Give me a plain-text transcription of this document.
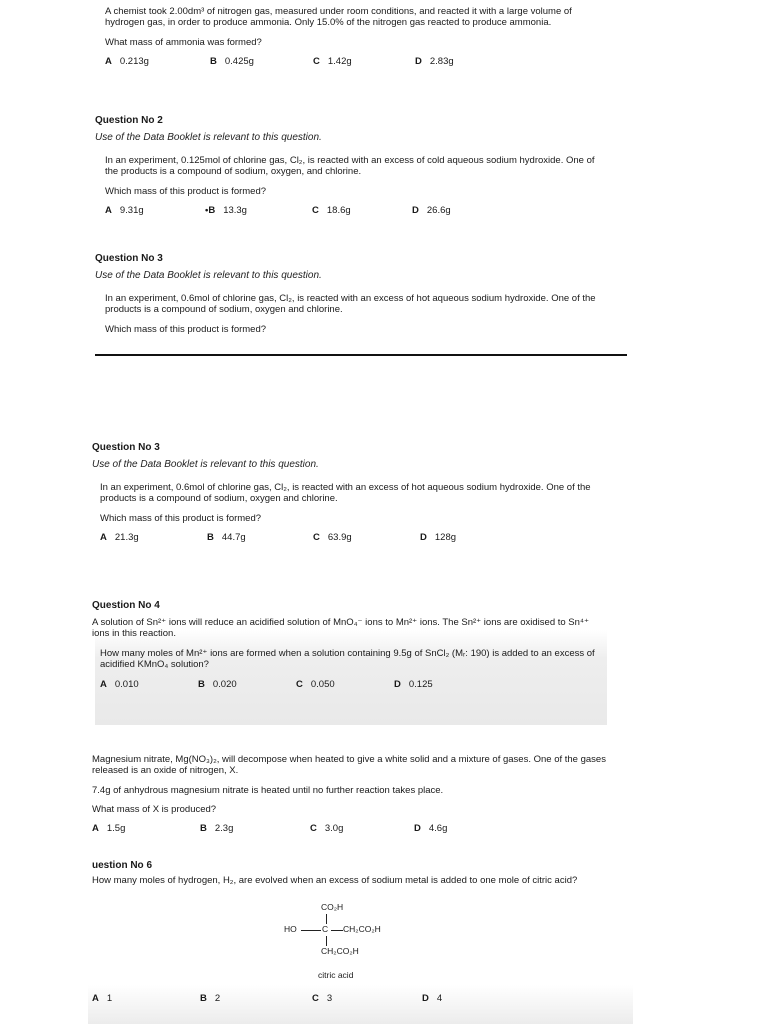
A chemist took 2.00dm³ of nitrogen gas, measured under room conditions, and reacted it with a large volume of hydrogen gas, in order to produce ammonia. Only 15.0% of the nitrogen gas reacted to produce ammonia.

What mass of ammonia was formed?

A 0.213g	B 0.425g	C 1.42g	D 2.83g

Question No 2

Use of the Data Booklet is relevant to this question.

In an experiment, 0.125mol of chlorine gas, Cl₂, is reacted with an excess of cold aqueous sodium hydroxide. One of the products is a compound of sodium, oxygen, and chlorine.

Which mass of this product is formed?

A 9.31g	•B 13.3g	C 18.6g	D 26.6g

Question No 3

Use of the Data Booklet is relevant to this question.

In an experiment, 0.6mol of chlorine gas, Cl₂, is reacted with an excess of hot aqueous sodium hydroxide. One of the products is a compound of sodium, oxygen and chlorine.

Which mass of this product is formed?

Question No 3

Use of the Data Booklet is relevant to this question.

In an experiment, 0.6mol of chlorine gas, Cl₂, is reacted with an excess of hot aqueous sodium hydroxide. One of the products is a compound of sodium, oxygen and chlorine.

Which mass of this product is formed?

A 21.3g	B 44.7g	C 63.9g	D 128g

Question No 4

A solution of Sn²⁺ ions will reduce an acidified solution of MnO₄⁻ ions to Mn²⁺ ions. The Sn²⁺ ions are oxidised to Sn⁴⁺ ions in this reaction.

How many moles of Mn²⁺ ions are formed when a solution containing 9.5g of SnCl₂ (Mᵣ: 190) is added to an excess of acidified KMnO₄ solution?

A 0.010	B 0.020	C 0.050	D 0.125

Magnesium nitrate, Mg(NO₃)₂, will decompose when heated to give a white solid and a mixture of gases. One of the gases released is an oxide of nitrogen, X.

7.4g of anhydrous magnesium nitrate is heated until no further reaction takes place.

What mass of X is produced?

A 1.5g	B 2.3g	C 3.0g	D 4.6g

uestion No 6

How many moles of hydrogen, H₂, are evolved when an excess of sodium metal is added to one mole of citric acid?

CO₂H
HO	C CH₂CO₂H
CH₂CO₂H
citric acid
A 1	B 2	C 3	D 4
